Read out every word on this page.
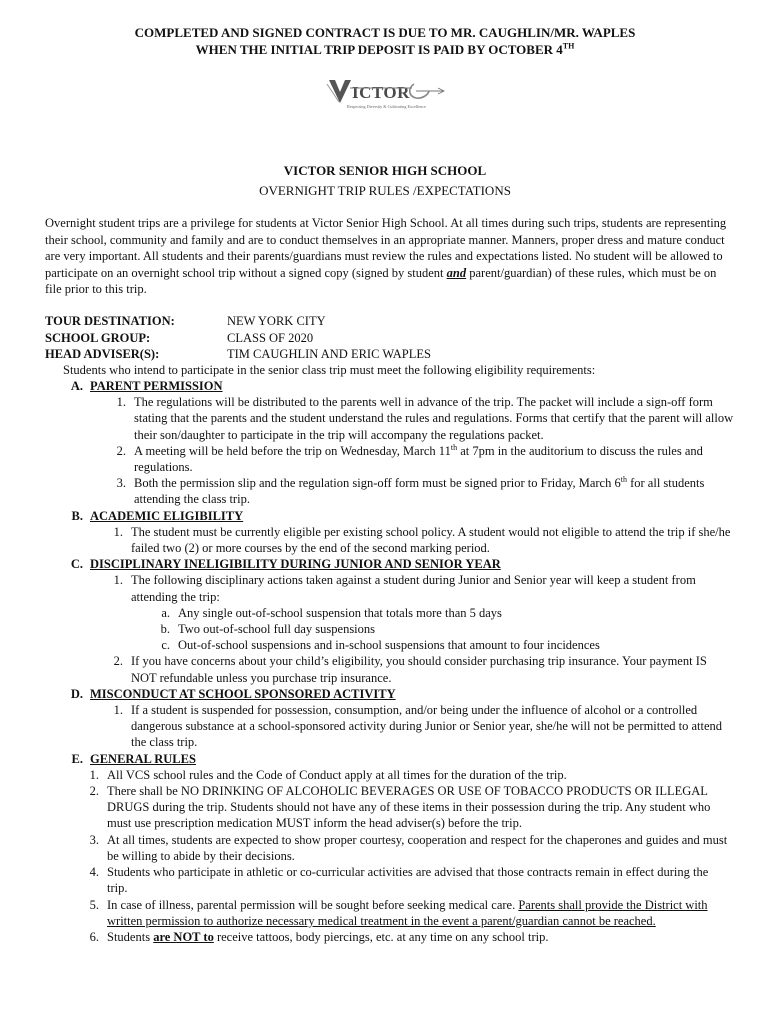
COMPLETED AND SIGNED CONTRACT IS DUE TO MR. CAUGHLIN/MR. WAPLES
WHEN THE INITIAL TRIP DEPOSIT IS PAID BY OCTOBER 4TH
ICTOR
Respecting Diversity & Cultivating Excellence
VICTOR SENIOR HIGH SCHOOL
OVERNIGHT TRIP RULES /EXPECTATIONS
Overnight student trips are a privilege for students at Victor Senior High School. At all times during such trips, students are representing their school, community and family and are to conduct themselves in an appropriate manner. Manners, proper dress and mature conduct are very important. All students and their parents/guardians must review the rules and expectations listed. No student will be allowed to participate on an overnight school trip without a signed copy (signed by student and parent/guardian) of these rules, which must be on file prior to this trip.
TOUR DESTINATION:	NEW YORK CITY
SCHOOL GROUP:	CLASS OF 2020
HEAD ADVISER(S):	TIM CAUGHLIN AND ERIC WAPLES
Students who intend to participate in the senior class trip must meet the following eligibility requirements:
A. PARENT PERMISSION
1. The regulations will be distributed to the parents well in advance of the trip. The packet will include a sign-off form stating that the parents and the student understand the rules and regulations. Forms that certify that the parent will allow their son/daughter to participate in the trip will accompany the regulations packet.
2. A meeting will be held before the trip on Wednesday, March 11th at 7pm in the auditorium to discuss the rules and regulations.
3. Both the permission slip and the regulation sign-off form must be signed prior to Friday, March 6th for all students attending the class trip.
B. ACADEMIC ELIGIBILITY
1. The student must be currently eligible per existing school policy. A student would not eligible to attend the trip if she/he failed two (2) or more courses by the end of the second marking period.
C. DISCIPLINARY INELIGIBILITY DURING JUNIOR AND SENIOR YEAR
1. The following disciplinary actions taken against a student during Junior and Senior year will keep a student from attending the trip:
a. Any single out-of-school suspension that totals more than 5 days
b. Two out-of-school full day suspensions
c. Out-of-school suspensions and in-school suspensions that amount to four incidences
2. If you have concerns about your child’s eligibility, you should consider purchasing trip insurance. Your payment IS NOT refundable unless you purchase trip insurance.
D. MISCONDUCT AT SCHOOL SPONSORED ACTIVITY
1. If a student is suspended for possession, consumption, and/or being under the influence of alcohol or a controlled dangerous substance at a school-sponsored activity during Junior or Senior year, she/he will not be permitted to attend the class trip.
E. GENERAL RULES
1. All VCS school rules and the Code of Conduct apply at all times for the duration of the trip.
2. There shall be NO DRINKING OF ALCOHOLIC BEVERAGES OR USE OF TOBACCO PRODUCTS OR ILLEGAL DRUGS during the trip. Students should not have any of these items in their possession during the trip. Any student who must use prescription medication MUST inform the head adviser(s) before the trip.
3. At all times, students are expected to show proper courtesy, cooperation and respect for the chaperones and guides and must be willing to abide by their decisions.
4. Students who participate in athletic or co-curricular activities are advised that those contracts remain in effect during the trip.
5. In case of illness, parental permission will be sought before seeking medical care. Parents shall provide the District with written permission to authorize necessary medical treatment in the event a parent/guardian cannot be reached.
6. Students are NOT to receive tattoos, body piercings, etc. at any time on any school trip.
